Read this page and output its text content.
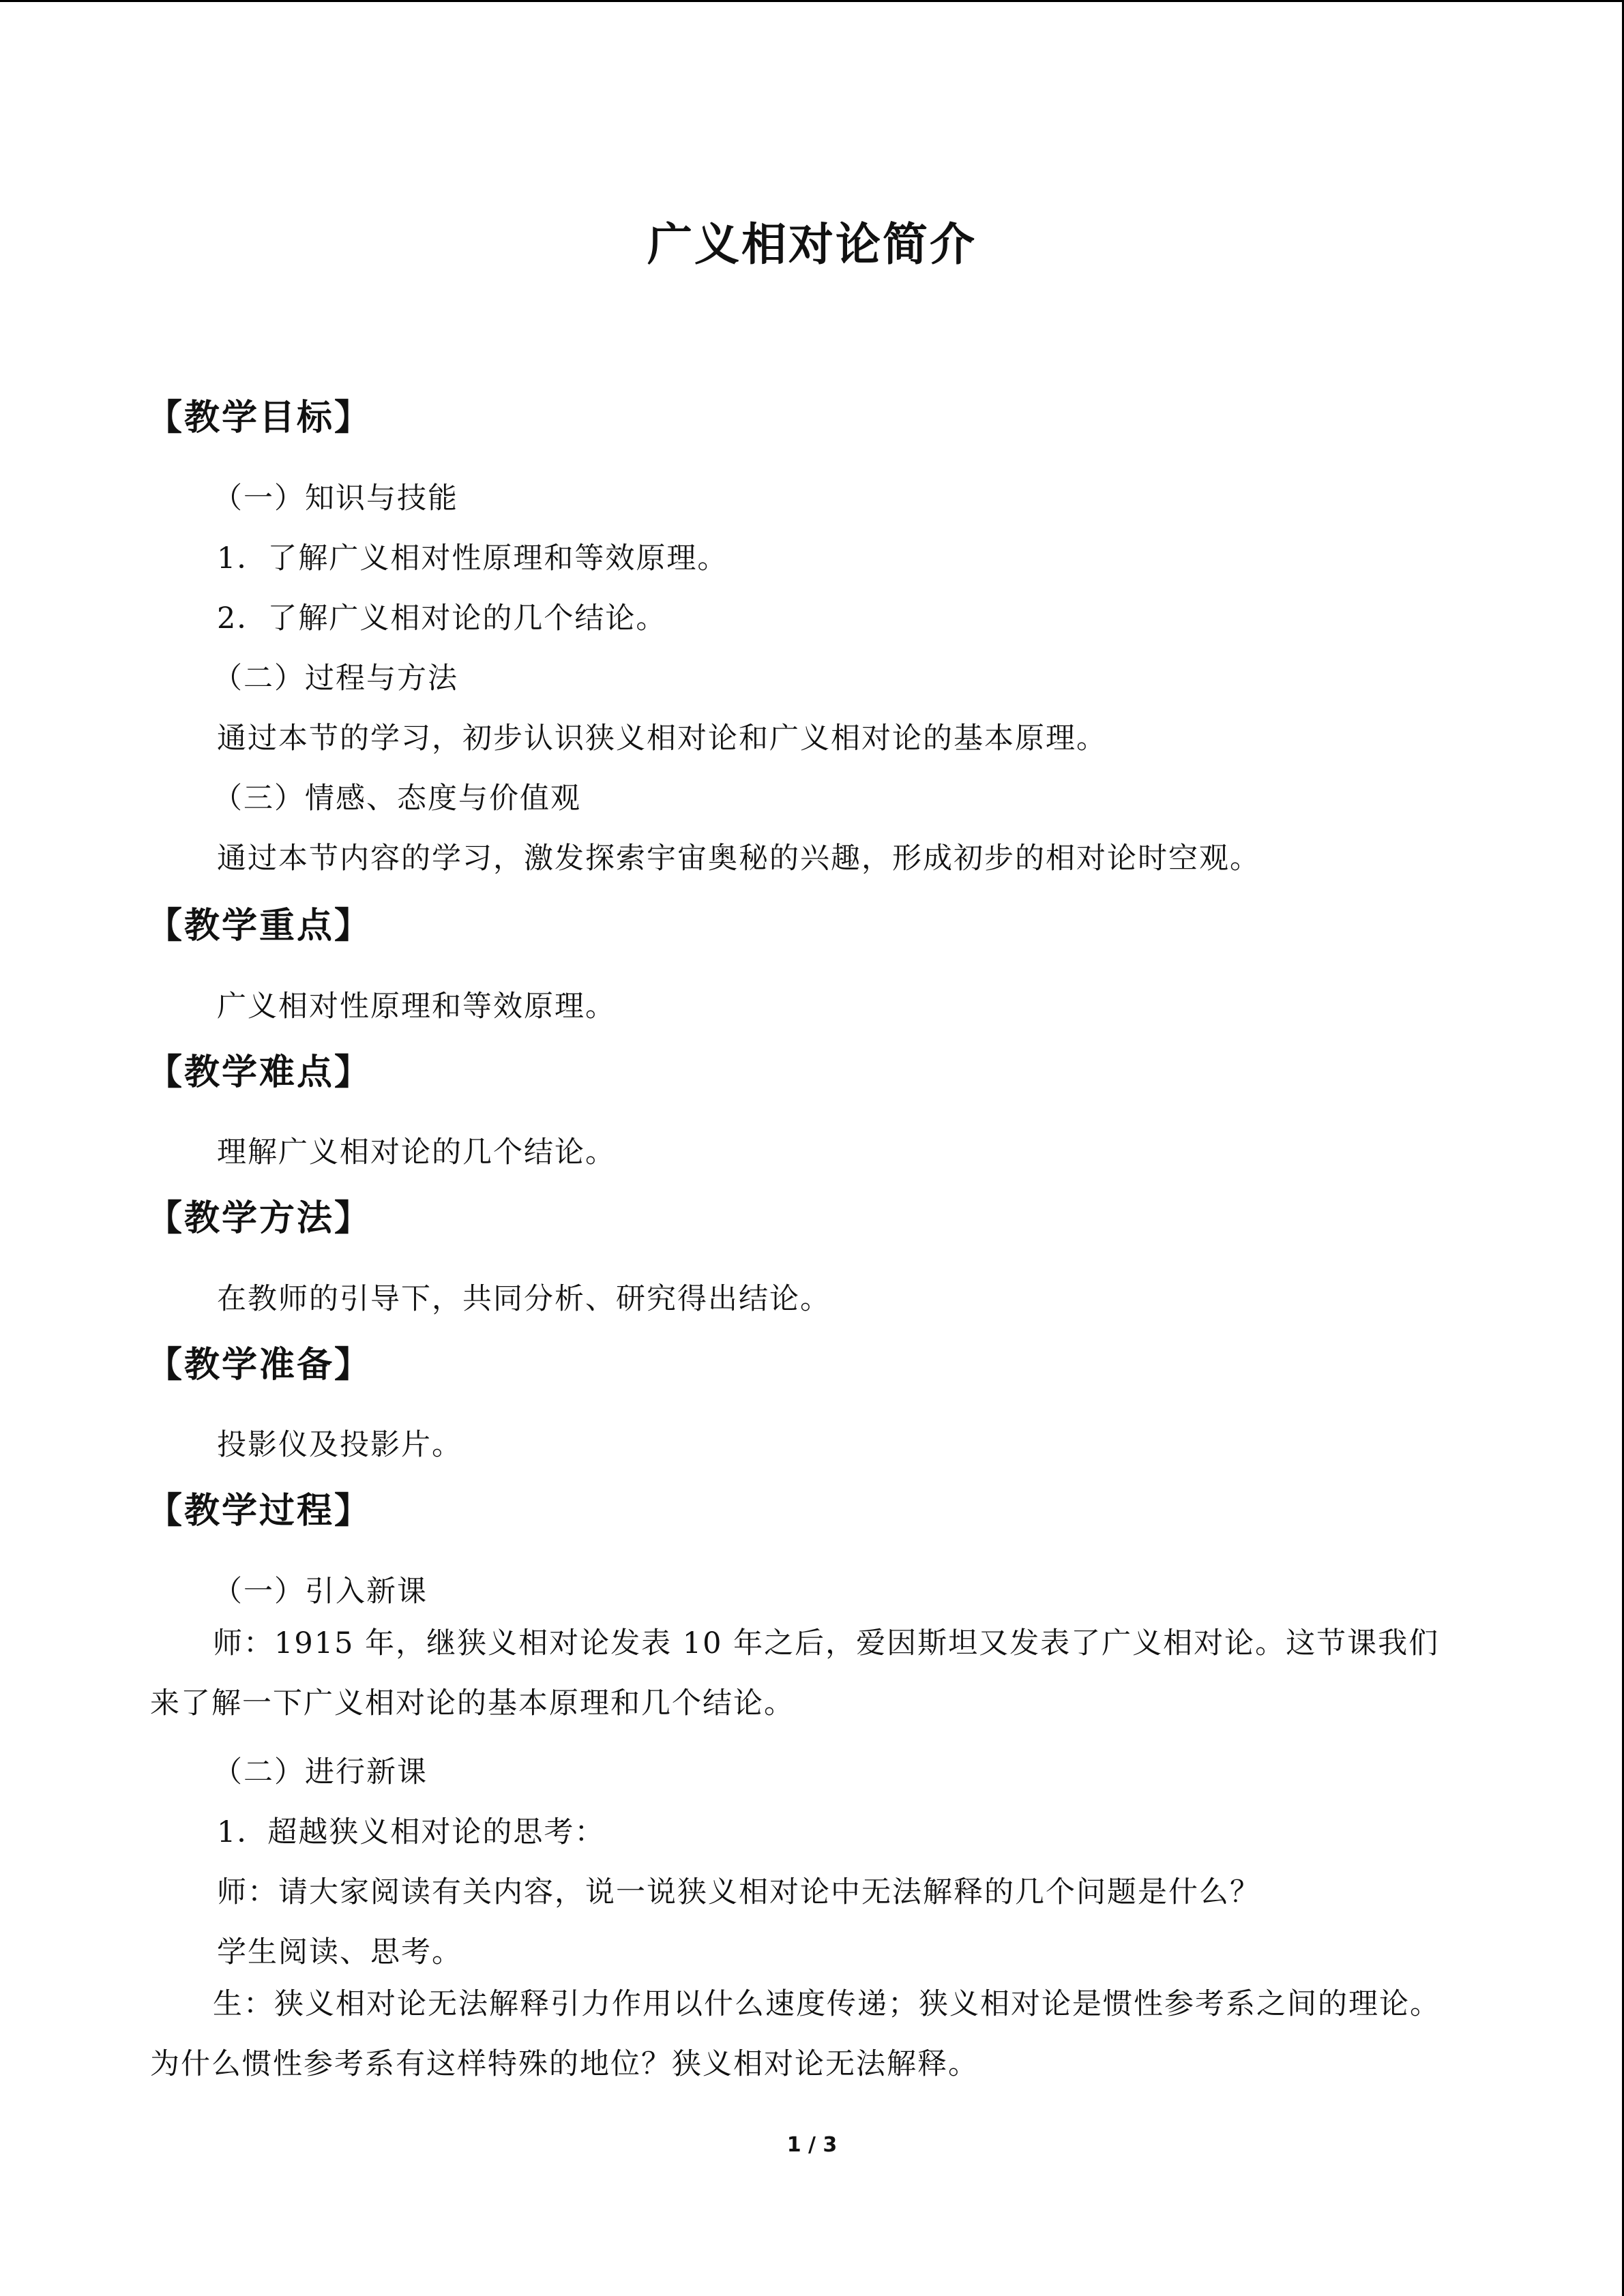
广义相对论简介
【教学目标】
（一）知识与技能
1．了解广义相对性原理和等效原理。
2．了解广义相对论的几个结论。
（二）过程与方法
通过本节的学习，初步认识狭义相对论和广义相对论的基本原理。
（三）情感、态度与价值观
通过本节内容的学习，激发探索宇宙奥秘的兴趣，形成初步的相对论时空观。
【教学重点】
广义相对性原理和等效原理。
【教学难点】
理解广义相对论的几个结论。
【教学方法】
在教师的引导下，共同分析、研究得出结论。
【教学准备】
投影仪及投影片。
【教学过程】
（一）引入新课
师：1915 年，继狭义相对论发表 10 年之后，爱因斯坦又发表了广义相对论。这节课我们来了解一下广义相对论的基本原理和几个结论。
（二）进行新课
1．超越狭义相对论的思考：
师：请大家阅读有关内容，说一说狭义相对论中无法解释的几个问题是什么？
学生阅读、思考。
生：狭义相对论无法解释引力作用以什么速度传递；狭义相对论是惯性参考系之间的理论。为什么惯性参考系有这样特殊的地位？狭义相对论无法解释。
1 / 3
